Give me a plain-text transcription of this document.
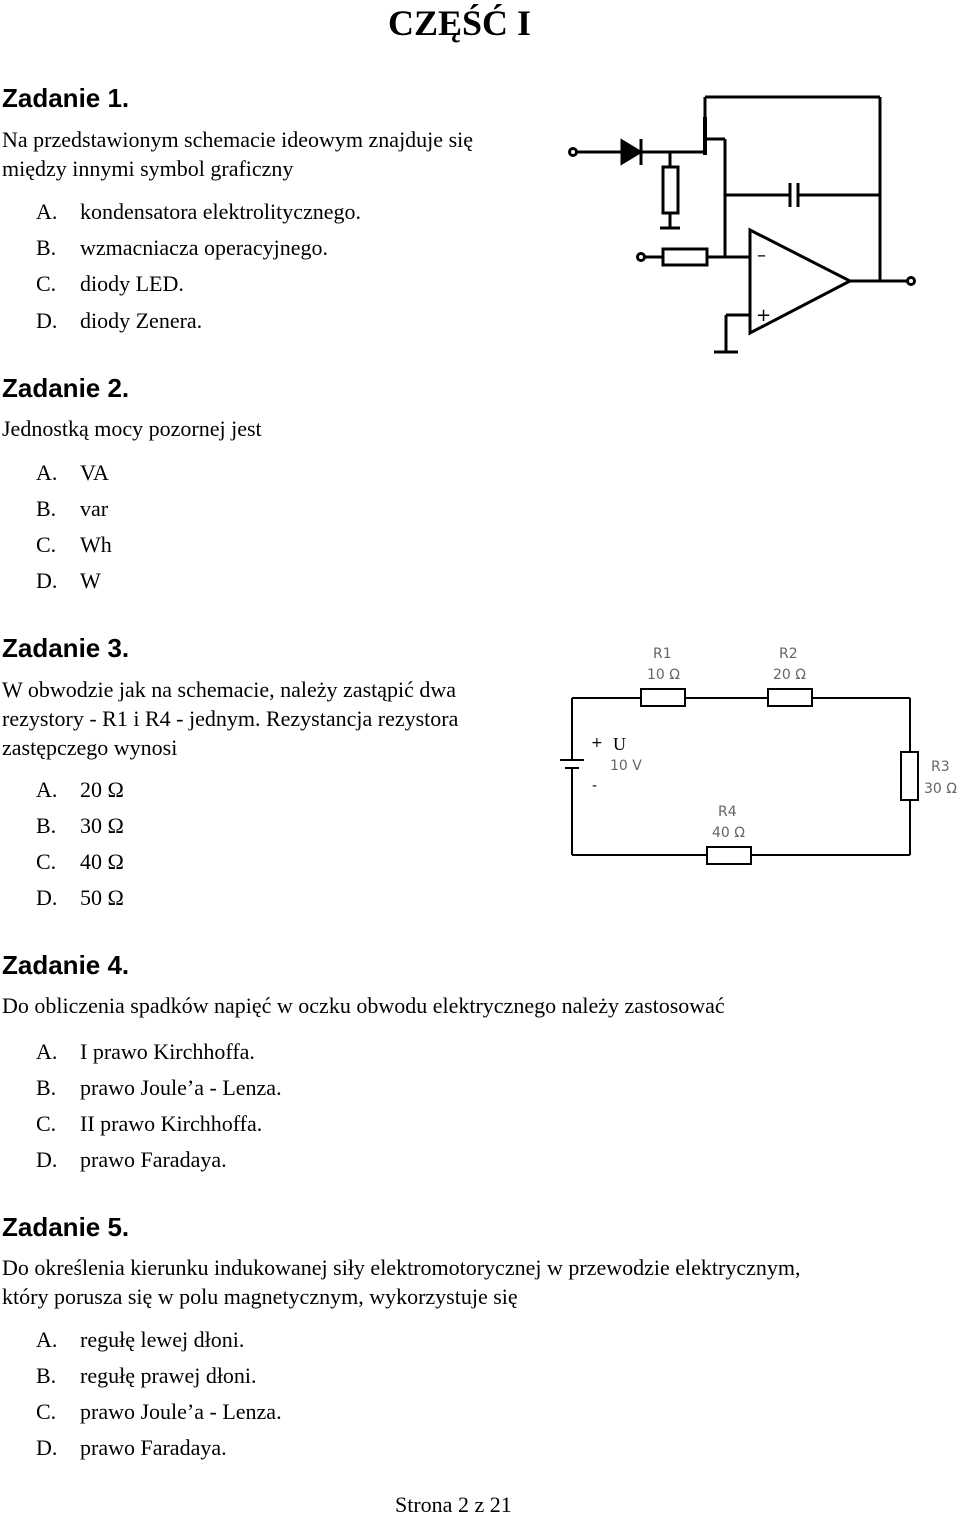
CZĘŚĆ I
Zadanie 1.
Na przedstawionym schemacie ideowym znajduje się
między innymi symbol graficzny
A. kondensatora elektrolitycznego.
B. wzmacniacza operacyjnego.
C. diody LED.
D. diody Zenera.
–
+
Zadanie 2.
Jednostką mocy pozornej jest
A. VA
B. var
C. Wh
D. W
Zadanie 3.
W obwodzie jak na schemacie, należy zastąpić dwa
rezystory - R1 i R4 - jednym. Rezystancja rezystora
zastępczego wynosi
A. 20 Ω
B. 30 Ω
C. 40 Ω
D. 50 Ω
R1
10 Ω
R2
20 Ω
R3
30 Ω
R4
40 Ω
+
-
U
10 V
Zadanie 4.
Do obliczenia spadków napięć w oczku obwodu elektrycznego należy zastosować
A. I prawo Kirchhoffa.
B. prawo Joule’a - Lenza.
C. II prawo Kirchhoffa.
D. prawo Faradaya.
Zadanie 5.
Do określenia kierunku indukowanej siły elektromotorycznej w przewodzie elektrycznym,
który porusza się w polu magnetycznym, wykorzystuje się
A. regułę lewej dłoni.
B. regułę prawej dłoni.
C. prawo Joule’a - Lenza.
D. prawo Faradaya.
Strona 2 z 21
